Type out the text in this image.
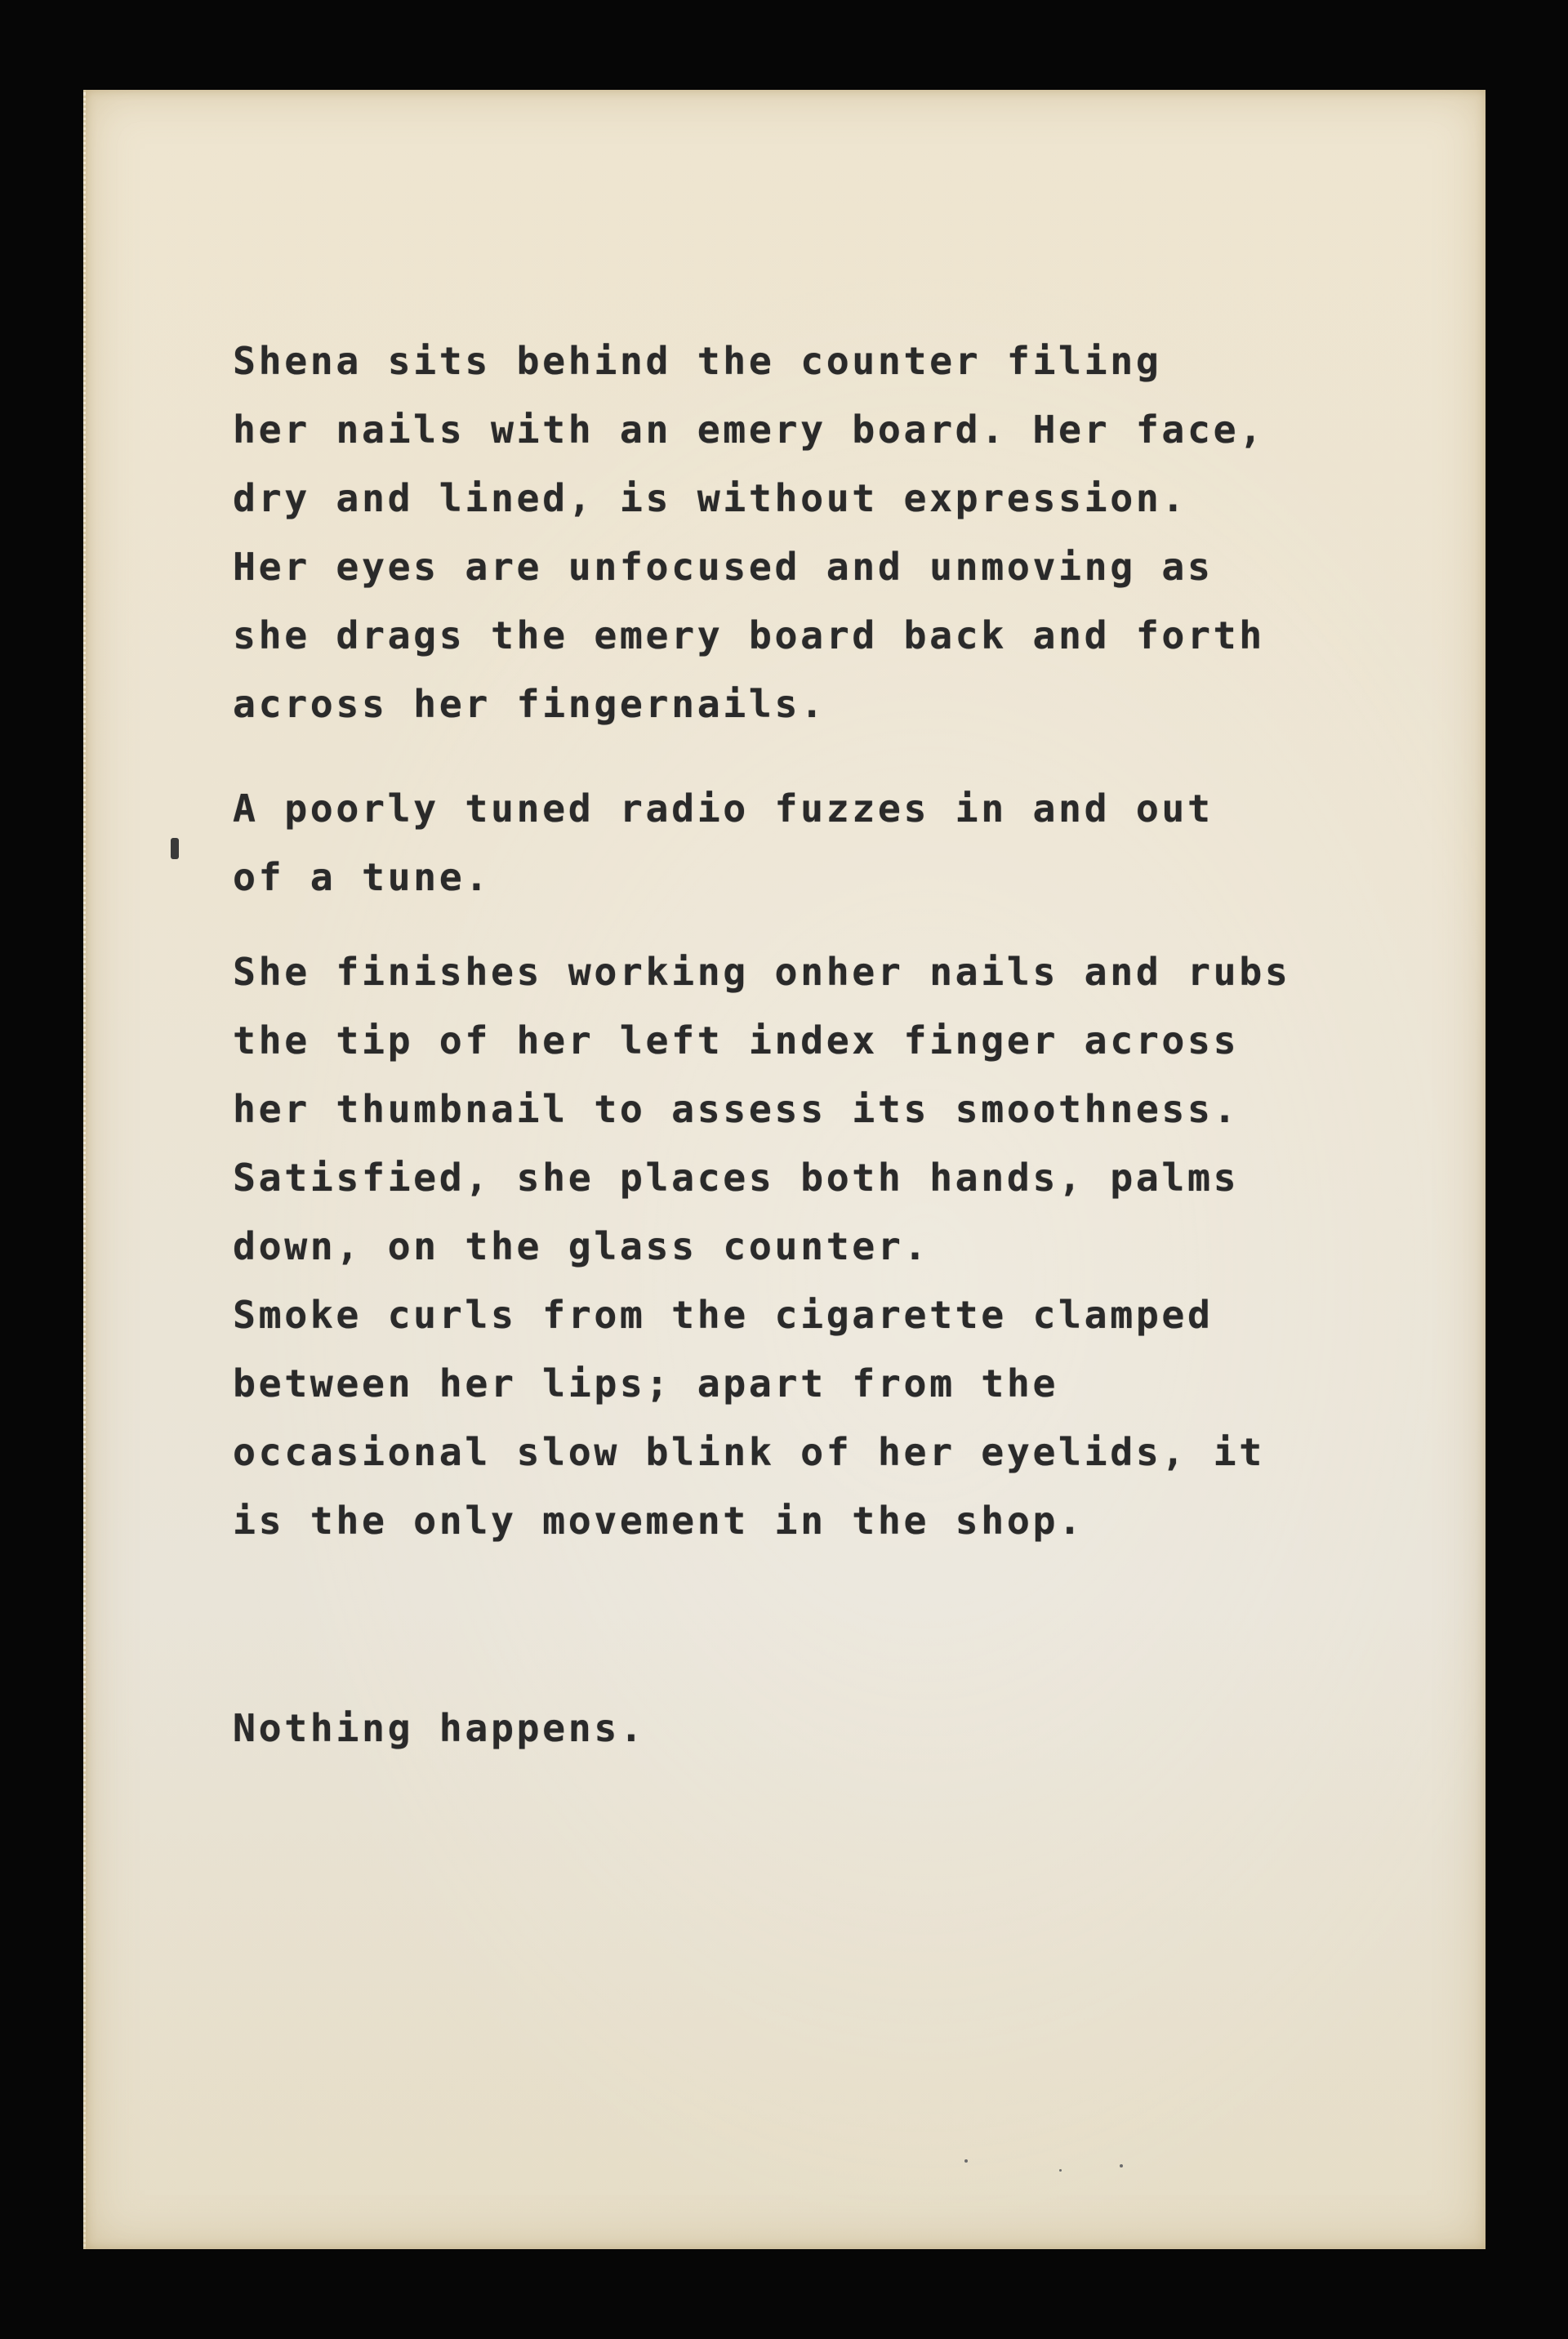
Shena sits behind the counter filing
her nails with an emery board. Her face,
dry and lined, is without expression.
Her eyes are unfocused and unmoving as
she drags the emery board back and forth
across her fingernails.
A poorly tuned radio fuzzes in and out
of a tune.
She finishes working onher nails and rubs
the tip of her left index finger across
her thumbnail to assess its smoothness.
Satisfied, she places both hands, palms
down, on the glass counter.
Smoke curls from the cigarette clamped
between her lips; apart from the
occasional slow blink of her eyelids, it
is the only movement in the shop.
Nothing happens.
